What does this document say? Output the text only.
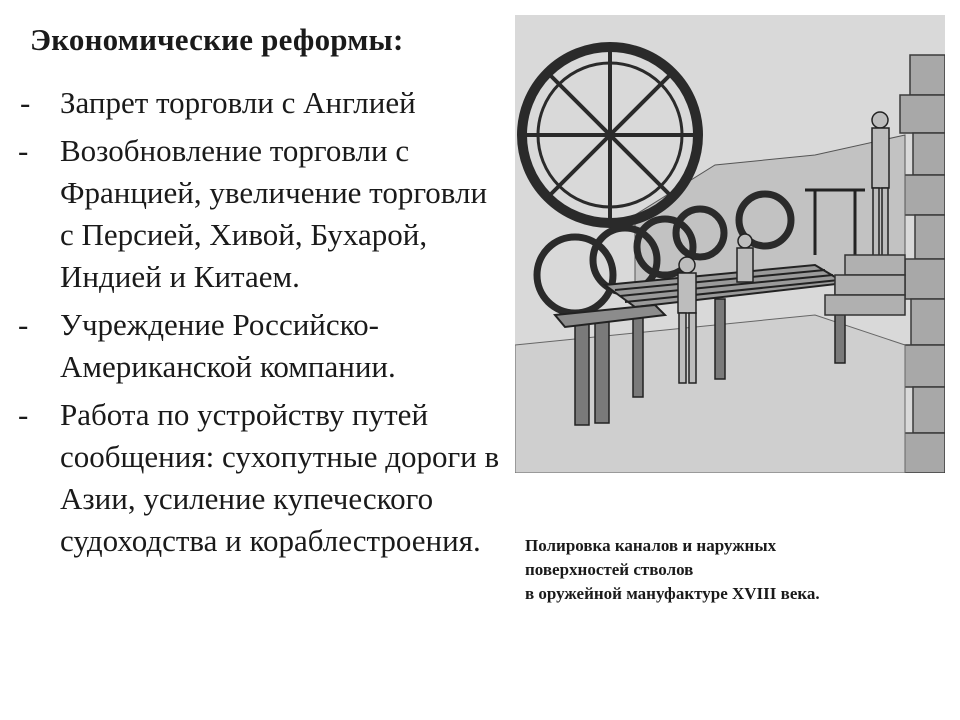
Экономические реформы:
- Запрет торговли с Англией
- Возобновление торговли с Францией, увеличение торговли с Персией, Хивой, Бухарой, Индией и Китаем.
- Учреждение Российско-Американской компании.
- Работа по устройству путей сообщения: сухопутные дороги в Азии, усиление купеческого судоходства и кораблестроения.	Полировка каналов и наружных
поверхностей стволов
в оружейной мануфактуре XVIII века.
